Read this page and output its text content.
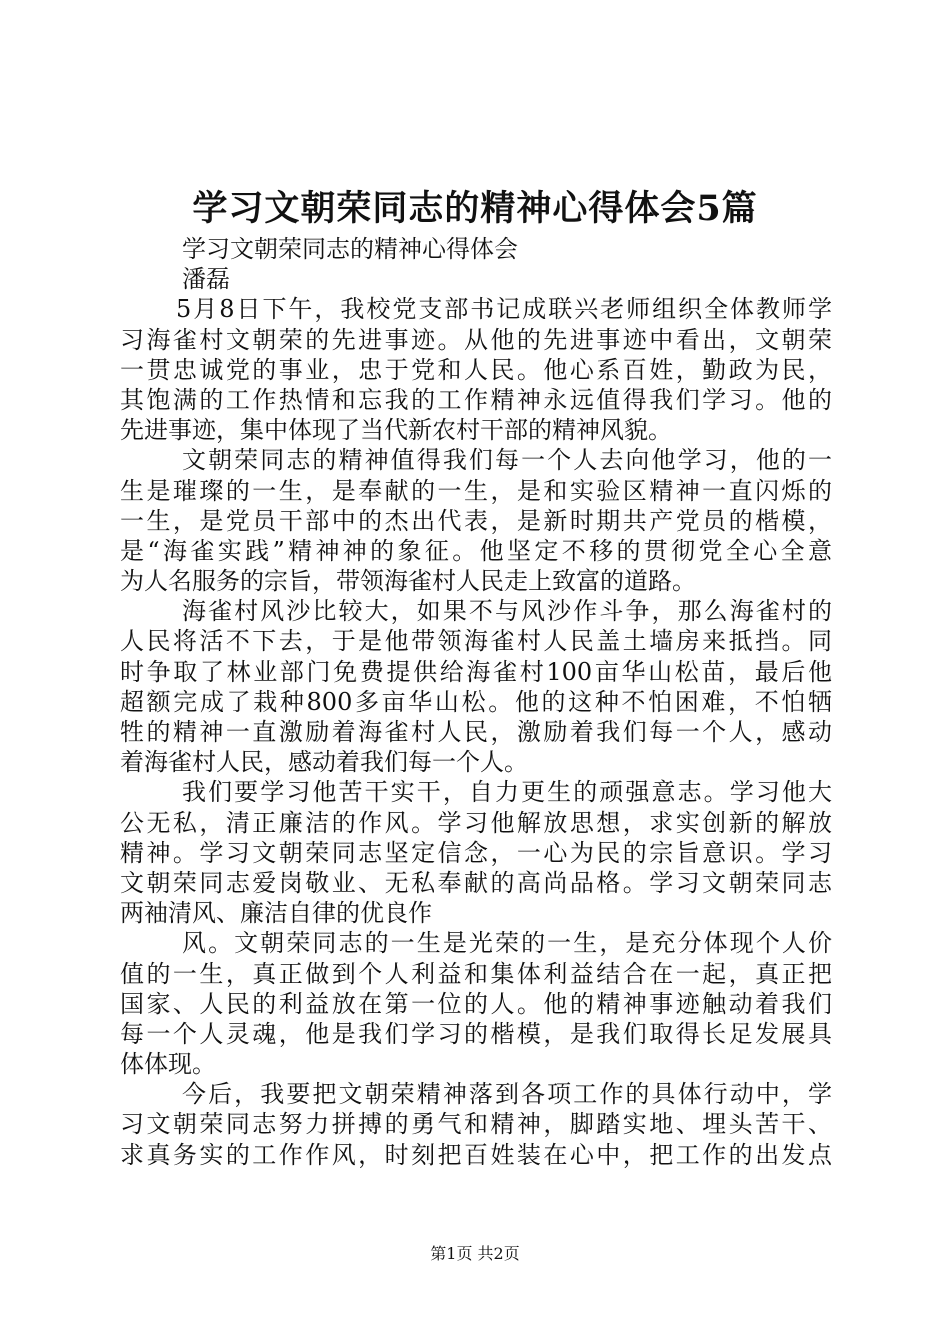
学习文朝荣同志的精神心得体会5篇
学习文朝荣同志的精神心得体会
潘磊
5月8日下午，我校党支部书记成联兴老师组织全体教师学
习海雀村文朝荣的先进事迹。从他的先进事迹中看出，文朝荣
一贯忠诚党的事业，忠于党和人民。他心系百姓，勤政为民，
其饱满的工作热情和忘我的工作精神永远值得我们学习。他的
先进事迹，集中体现了当代新农村干部的精神风貌。
文朝荣同志的精神值得我们每一个人去向他学习，他的一
生是璀璨的一生，是奉献的一生，是和实验区精神一直闪烁的
一生，是党员干部中的杰出代表，是新时期共产党员的楷模，
是“海雀实践”精神神的象征。他坚定不移的贯彻党全心全意
为人名服务的宗旨，带领海雀村人民走上致富的道路。
海雀村风沙比较大，如果不与风沙作斗争，那么海雀村的
人民将活不下去，于是他带领海雀村人民盖土墙房来抵挡。同
时争取了林业部门免费提供给海雀村100亩华山松苗，最后他
超额完成了栽种800多亩华山松。他的这种不怕困难，不怕牺
牲的精神一直激励着海雀村人民，激励着我们每一个人，感动
着海雀村人民，感动着我们每一个人。
我们要学习他苦干实干，自力更生的顽强意志。学习他大
公无私，清正廉洁的作风。学习他解放思想，求实创新的解放
精神。学习文朝荣同志坚定信念，一心为民的宗旨意识。学习
文朝荣同志爱岗敬业、无私奉献的高尚品格。学习文朝荣同志
两袖清风、廉洁自律的优良作
风。文朝荣同志的一生是光荣的一生，是充分体现个人价
值的一生，真正做到个人利益和集体利益结合在一起，真正把
国家、人民的利益放在第一位的人。他的精神事迹触动着我们
每一个人灵魂，他是我们学习的楷模，是我们取得长足发展具
体体现。
今后，我要把文朝荣精神落到各项工作的具体行动中，学
习文朝荣同志努力拼搏的勇气和精神，脚踏实地、埋头苦干、
求真务实的工作作风，时刻把百姓装在心中，把工作的出发点

第1页 共2页
